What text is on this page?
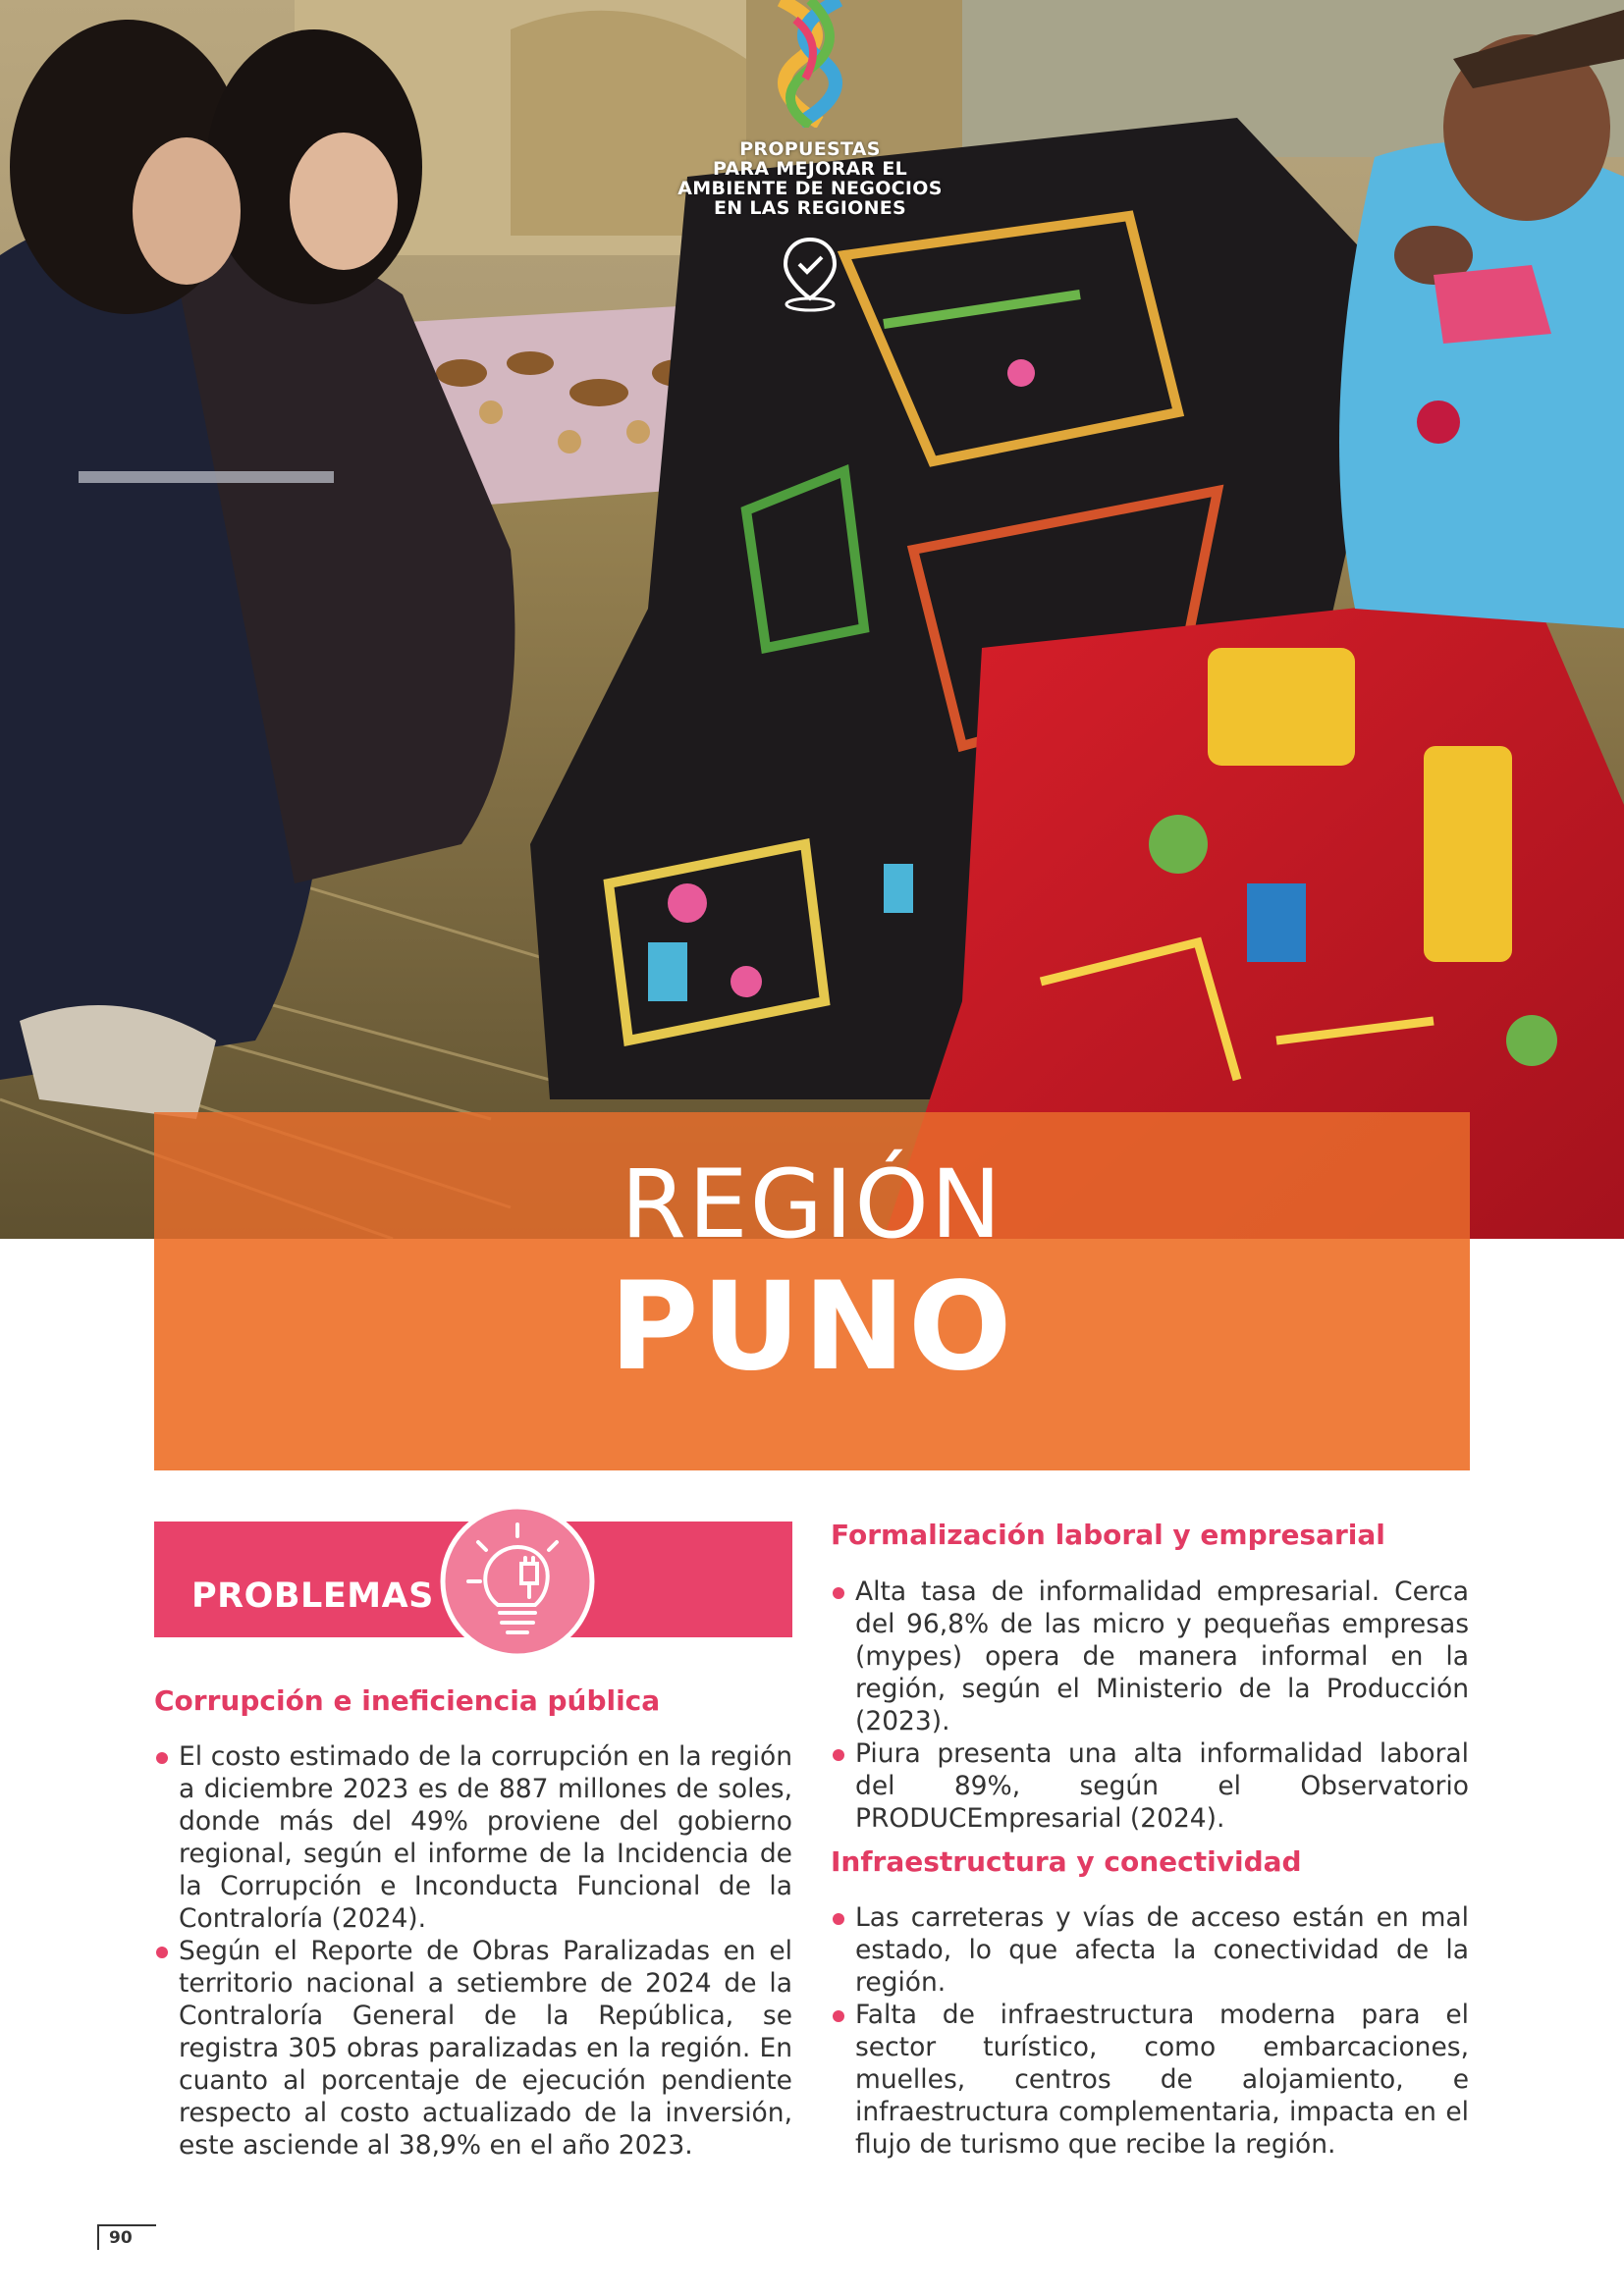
PROPUESTAS
PARA MEJORAR EL
AMBIENTE DE NEGOCIOS
EN LAS REGIONES
REGIÓN
PUNO
PROBLEMAS
Corrupción e ineficiencia pública
El costo estimado de la corrupción en la región a diciembre 2023 es de 887 millones de soles, donde más del 49% proviene del gobierno regional, según el informe de la Incidencia de la Corrupción e Inconducta Funcional de la Contraloría (2024).
Según el Reporte de Obras Paralizadas en el territorio nacional a setiembre de 2024 de la Contraloría General de la República, se registra 305 obras paralizadas en la región. En cuanto al porcentaje de ejecución pendiente respecto al costo actualizado de la inversión, este asciende al 38,9% en el año 2023.
Formalización laboral y empresarial
Alta tasa de informalidad empresarial. Cerca del 96,8% de las micro y pequeñas empresas (mypes) opera de manera informal en la región, según el Ministerio de la Producción (2023).
Piura presenta una alta informalidad laboral del 89%, según el Observatorio PRODUCEmpresarial (2024).
Infraestructura y conectividad
Las carreteras y vías de acceso están en mal estado, lo que afecta la conectividad de la región.
Falta de infraestructura moderna para el sector turístico, como embarcaciones, muelles, centros de alojamiento, e infraestructura complementaria, impacta en el flujo de turismo que recibe la región.
90
